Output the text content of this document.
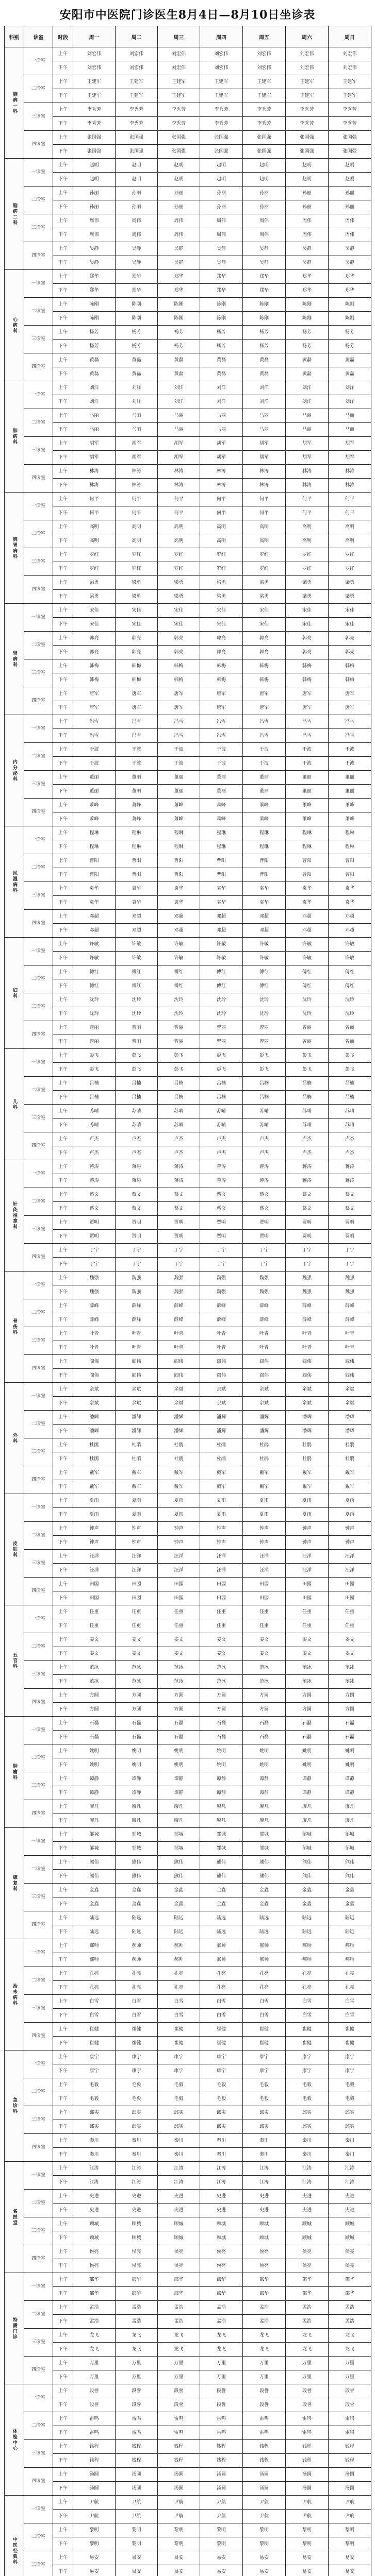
安阳市中医院门诊医生8月4日—8月10日坐诊表
科别	诊室	时段	周一	周二	周三	周四	周五	周六	周日
脑病一科	一诊室	上午	刘宏伟	刘宏伟	刘宏伟	刘宏伟	刘宏伟	刘宏伟	刘宏伟
		下午	刘宏伟	刘宏伟	刘宏伟	刘宏伟	刘宏伟	刘宏伟	刘宏伟
	二诊室	上午	王建军	王建军	王建军	王建军	王建军	王建军	王建军
		下午	王建军	王建军	王建军	王建军	王建军	王建军	王建军
	三诊室	上午	李秀芳	李秀芳	李秀芳	李秀芳	李秀芳	李秀芳	李秀芳
		下午	李秀芳	李秀芳	李秀芳	李秀芳	李秀芳	李秀芳	李秀芳
	四诊室	上午	张国强	张国强	张国强	张国强	张国强	张国强	张国强
		下午	张国强	张国强	张国强	张国强	张国强	张国强	张国强
脑病二科	一诊室	上午	赵明	赵明	赵明	赵明	赵明	赵明	赵明
		下午	赵明	赵明	赵明	赵明	赵明	赵明	赵明
	二诊室	上午	孙丽	孙丽	孙丽	孙丽	孙丽	孙丽	孙丽
		下午	孙丽	孙丽	孙丽	孙丽	孙丽	孙丽	孙丽
	三诊室	上午	周伟	周伟	周伟	周伟	周伟	周伟	周伟
		下午	周伟	周伟	周伟	周伟	周伟	周伟	周伟
	四诊室	上午	吴静	吴静	吴静	吴静	吴静	吴静	吴静
		下午	吴静	吴静	吴静	吴静	吴静	吴静	吴静
心病科	一诊室	上午	郑华	郑华	郑华	郑华	郑华	郑华	郑华
		下午	郑华	郑华	郑华	郑华	郑华	郑华	郑华
	二诊室	上午	陈刚	陈刚	陈刚	陈刚	陈刚	陈刚	陈刚
		下午	陈刚	陈刚	陈刚	陈刚	陈刚	陈刚	陈刚
	三诊室	上午	杨芳	杨芳	杨芳	杨芳	杨芳	杨芳	杨芳
		下午	杨芳	杨芳	杨芳	杨芳	杨芳	杨芳	杨芳
	四诊室	上午	黄磊	黄磊	黄磊	黄磊	黄磊	黄磊	黄磊
		下午	黄磊	黄磊	黄磊	黄磊	黄磊	黄磊	黄磊
肺病科	一诊室	上午	刘洋	刘洋	刘洋	刘洋	刘洋	刘洋	刘洋
		下午	刘洋	刘洋	刘洋	刘洋	刘洋	刘洋	刘洋
	二诊室	上午	马丽	马丽	马丽	马丽	马丽	马丽	马丽
		下午	马丽	马丽	马丽	马丽	马丽	马丽	马丽
	三诊室	上午	胡军	胡军	胡军	胡军	胡军	胡军	胡军
		下午	胡军	胡军	胡军	胡军	胡军	胡军	胡军
	四诊室	上午	林涛	林涛	林涛	林涛	林涛	林涛	林涛
		下午	林涛	林涛	林涛	林涛	林涛	林涛	林涛
脾胃病科	一诊室	上午	何平	何平	何平	何平	何平	何平	何平
		下午	何平	何平	何平	何平	何平	何平	何平
	二诊室	上午	高明	高明	高明	高明	高明	高明	高明
		下午	高明	高明	高明	高明	高明	高明	高明
	三诊室	上午	罗红	罗红	罗红	罗红	罗红	罗红	罗红
		下午	罗红	罗红	罗红	罗红	罗红	罗红	罗红
	四诊室	上午	梁勇	梁勇	梁勇	梁勇	梁勇	梁勇	梁勇
		下午	梁勇	梁勇	梁勇	梁勇	梁勇	梁勇	梁勇
肾病科	一诊室	上午	宋佳	宋佳	宋佳	宋佳	宋佳	宋佳	宋佳
		下午	宋佳	宋佳	宋佳	宋佳	宋佳	宋佳	宋佳
	二诊室	上午	郭亮	郭亮	郭亮	郭亮	郭亮	郭亮	郭亮
		下午	郭亮	郭亮	郭亮	郭亮	郭亮	郭亮	郭亮
	三诊室	上午	韩梅	韩梅	韩梅	韩梅	韩梅	韩梅	韩梅
		下午	韩梅	韩梅	韩梅	韩梅	韩梅	韩梅	韩梅
	四诊室	上午	唐军	唐军	唐军	唐军	唐军	唐军	唐军
		下午	唐军	唐军	唐军	唐军	唐军	唐军	唐军
内分泌科	一诊室	上午	冯雪	冯雪	冯雪	冯雪	冯雪	冯雪	冯雪
		下午	冯雪	冯雪	冯雪	冯雪	冯雪	冯雪	冯雪
	二诊室	上午	于波	于波	于波	于波	于波	于波	于波
		下午	于波	于波	于波	于波	于波	于波	于波
	三诊室	上午	董丽	董丽	董丽	董丽	董丽	董丽	董丽
		下午	董丽	董丽	董丽	董丽	董丽	董丽	董丽
	四诊室	上午	萧峰	萧峰	萧峰	萧峰	萧峰	萧峰	萧峰
		下午	萧峰	萧峰	萧峰	萧峰	萧峰	萧峰	萧峰
风湿病科	一诊室	上午	程琳	程琳	程琳	程琳	程琳	程琳	程琳
		下午	程琳	程琳	程琳	程琳	程琳	程琳	程琳
	二诊室	上午	曹阳	曹阳	曹阳	曹阳	曹阳	曹阳	曹阳
		下午	曹阳	曹阳	曹阳	曹阳	曹阳	曹阳	曹阳
	三诊室	上午	袁华	袁华	袁华	袁华	袁华	袁华	袁华
		下午	袁华	袁华	袁华	袁华	袁华	袁华	袁华
	四诊室	上午	邓超	邓超	邓超	邓超	邓超	邓超	邓超
		下午	邓超	邓超	邓超	邓超	邓超	邓超	邓超
妇科	一诊室	上午	许敏	许敏	许敏	许敏	许敏	许敏	许敏
		下午	许敏	许敏	许敏	许敏	许敏	许敏	许敏
	二诊室	上午	傅红	傅红	傅红	傅红	傅红	傅红	傅红
		下午	傅红	傅红	傅红	傅红	傅红	傅红	傅红
	三诊室	上午	沈玲	沈玲	沈玲	沈玲	沈玲	沈玲	沈玲
		下午	沈玲	沈玲	沈玲	沈玲	沈玲	沈玲	沈玲
	四诊室	上午	曾丽	曾丽	曾丽	曾丽	曾丽	曾丽	曾丽
		下午	曾丽	曾丽	曾丽	曾丽	曾丽	曾丽	曾丽
儿科	一诊室	上午	彭飞	彭飞	彭飞	彭飞	彭飞	彭飞	彭飞
		下午	彭飞	彭飞	彭飞	彭飞	彭飞	彭飞	彭飞
	二诊室	上午	吕楠	吕楠	吕楠	吕楠	吕楠	吕楠	吕楠
		下午	吕楠	吕楠	吕楠	吕楠	吕楠	吕楠	吕楠
	三诊室	上午	苏晴	苏晴	苏晴	苏晴	苏晴	苏晴	苏晴
		下午	苏晴	苏晴	苏晴	苏晴	苏晴	苏晴	苏晴
	四诊室	上午	卢杰	卢杰	卢杰	卢杰	卢杰	卢杰	卢杰
		下午	卢杰	卢杰	卢杰	卢杰	卢杰	卢杰	卢杰
针灸推拿科	一诊室	上午	蒋涛	蒋涛	蒋涛	蒋涛	蒋涛	蒋涛	蒋涛
		下午	蒋涛	蒋涛	蒋涛	蒋涛	蒋涛	蒋涛	蒋涛
	二诊室	上午	蔡文	蔡文	蔡文	蔡文	蔡文	蔡文	蔡文
		下午	蔡文	蔡文	蔡文	蔡文	蔡文	蔡文	蔡文
	三诊室	上午	贾明	贾明	贾明	贾明	贾明	贾明	贾明
		下午	贾明	贾明	贾明	贾明	贾明	贾明	贾明
	四诊室	上午	丁宁	丁宁	丁宁	丁宁	丁宁	丁宁	丁宁
		下午	丁宁	丁宁	丁宁	丁宁	丁宁	丁宁	丁宁
骨伤科	一诊室	上午	魏强	魏强	魏强	魏强	魏强	魏强	魏强
		下午	魏强	魏强	魏强	魏强	魏强	魏强	魏强
	二诊室	上午	薛峰	薛峰	薛峰	薛峰	薛峰	薛峰	薛峰
		下午	薛峰	薛峰	薛峰	薛峰	薛峰	薛峰	薛峰
	三诊室	上午	叶青	叶青	叶青	叶青	叶青	叶青	叶青
		下午	叶青	叶青	叶青	叶青	叶青	叶青	叶青
	四诊室	上午	阎伟	阎伟	阎伟	阎伟	阎伟	阎伟	阎伟
		下午	阎伟	阎伟	阎伟	阎伟	阎伟	阎伟	阎伟
外科	一诊室	上午	余斌	余斌	余斌	余斌	余斌	余斌	余斌
		下午	余斌	余斌	余斌	余斌	余斌	余斌	余斌
	二诊室	上午	潘辉	潘辉	潘辉	潘辉	潘辉	潘辉	潘辉
		下午	潘辉	潘辉	潘辉	潘辉	潘辉	潘辉	潘辉
	三诊室	上午	杜鹃	杜鹃	杜鹃	杜鹃	杜鹃	杜鹃	杜鹃
		下午	杜鹃	杜鹃	杜鹃	杜鹃	杜鹃	杜鹃	杜鹃
	四诊室	上午	戴军	戴军	戴军	戴军	戴军	戴军	戴军
		下午	戴军	戴军	戴军	戴军	戴军	戴军	戴军
皮肤科	一诊室	上午	夏雨	夏雨	夏雨	夏雨	夏雨	夏雨	夏雨
		下午	夏雨	夏雨	夏雨	夏雨	夏雨	夏雨	夏雨
	二诊室	上午	钟声	钟声	钟声	钟声	钟声	钟声	钟声
		下午	钟声	钟声	钟声	钟声	钟声	钟声	钟声
	三诊室	上午	汪洋	汪洋	汪洋	汪洋	汪洋	汪洋	汪洋
		下午	汪洋	汪洋	汪洋	汪洋	汪洋	汪洋	汪洋
	四诊室	上午	田园	田园	田园	田园	田园	田园	田园
		下午	田园	田园	田园	田园	田园	田园	田园
五官科	一诊室	上午	任重	任重	任重	任重	任重	任重	任重
		下午	任重	任重	任重	任重	任重	任重	任重
	二诊室	上午	姜文	姜文	姜文	姜文	姜文	姜文	姜文
		下午	姜文	姜文	姜文	姜文	姜文	姜文	姜文
	三诊室	上午	范冰	范冰	范冰	范冰	范冰	范冰	范冰
		下午	范冰	范冰	范冰	范冰	范冰	范冰	范冰
	四诊室	上午	方圆	方圆	方圆	方圆	方圆	方圆	方圆
		下午	方圆	方圆	方圆	方圆	方圆	方圆	方圆
肿瘤科	一诊室	上午	石磊	石磊	石磊	石磊	石磊	石磊	石磊
		下午	石磊	石磊	石磊	石磊	石磊	石磊	石磊
	二诊室	上午	姚明	姚明	姚明	姚明	姚明	姚明	姚明
		下午	姚明	姚明	姚明	姚明	姚明	姚明	姚明
	三诊室	上午	谭静	谭静	谭静	谭静	谭静	谭静	谭静
		下午	谭静	谭静	谭静	谭静	谭静	谭静	谭静
	四诊室	上午	廖凡	廖凡	廖凡	廖凡	廖凡	廖凡	廖凡
		下午	廖凡	廖凡	廖凡	廖凡	廖凡	廖凡	廖凡
康复科	一诊室	上午	邹城	邹城	邹城	邹城	邹城	邹城	邹城
		下午	邹城	邹城	邹城	邹城	邹城	邹城	邹城
	二诊室	上午	熊伟	熊伟	熊伟	熊伟	熊伟	熊伟	熊伟
		下午	熊伟	熊伟	熊伟	熊伟	熊伟	熊伟	熊伟
	三诊室	上午	金鑫	金鑫	金鑫	金鑫	金鑫	金鑫	金鑫
		下午	金鑫	金鑫	金鑫	金鑫	金鑫	金鑫	金鑫
	四诊室	上午	陆远	陆远	陆远	陆远	陆远	陆远	陆远
		下午	陆远	陆远	陆远	陆远	陆远	陆远	陆远
治未病科	一诊室	上午	郝帅	郝帅	郝帅	郝帅	郝帅	郝帅	郝帅
		下午	郝帅	郝帅	郝帅	郝帅	郝帅	郝帅	郝帅
	二诊室	上午	孔亮	孔亮	孔亮	孔亮	孔亮	孔亮	孔亮
		下午	孔亮	孔亮	孔亮	孔亮	孔亮	孔亮	孔亮
	三诊室	上午	白雪	白雪	白雪	白雪	白雪	白雪	白雪
		下午	白雪	白雪	白雪	白雪	白雪	白雪	白雪
	四诊室	上午	崔健	崔健	崔健	崔健	崔健	崔健	崔健
		下午	崔健	崔健	崔健	崔健	崔健	崔健	崔健
急诊科	一诊室	上午	康宁	康宁	康宁	康宁	康宁	康宁	康宁
		下午	康宁	康宁	康宁	康宁	康宁	康宁	康宁
	二诊室	上午	毛毅	毛毅	毛毅	毛毅	毛毅	毛毅	毛毅
		下午	毛毅	毛毅	毛毅	毛毅	毛毅	毛毅	毛毅
	三诊室	上午	邱实	邱实	邱实	邱实	邱实	邱实	邱实
		下午	邱实	邱实	邱实	邱实	邱实	邱实	邱实
	四诊室	上午	秦川	秦川	秦川	秦川	秦川	秦川	秦川
		下午	秦川	秦川	秦川	秦川	秦川	秦川	秦川
名医堂	一诊室	上午	江涛	江涛	江涛	江涛	江涛	江涛	江涛
		下午	江涛	江涛	江涛	江涛	江涛	江涛	江涛
	二诊室	上午	史进	史进	史进	史进	史进	史进	史进
		下午	史进	史进	史进	史进	史进	史进	史进
	三诊室	上午	顾城	顾城	顾城	顾城	顾城	顾城	顾城
		下午	顾城	顾城	顾城	顾城	顾城	顾城	顾城
	四诊室	上午	侯亮	侯亮	侯亮	侯亮	侯亮	侯亮	侯亮
		下午	侯亮	侯亮	侯亮	侯亮	侯亮	侯亮	侯亮
特需门诊	一诊室	上午	邵华	邵华	邵华	邵华	邵华	邵华	邵华
		下午	邵华	邵华	邵华	邵华	邵华	邵华	邵华
	二诊室	上午	孟浩	孟浩	孟浩	孟浩	孟浩	孟浩	孟浩
		下午	孟浩	孟浩	孟浩	孟浩	孟浩	孟浩	孟浩
	三诊室	上午	龙飞	龙飞	龙飞	龙飞	龙飞	龙飞	龙飞
		下午	龙飞	龙飞	龙飞	龙飞	龙飞	龙飞	龙飞
	四诊室	上午	万里	万里	万里	万里	万里	万里	万里
		下午	万里	万里	万里	万里	万里	万里	万里
体检中心	一诊室	上午	段誉	段誉	段誉	段誉	段誉	段誉	段誉
		下午	段誉	段誉	段誉	段誉	段誉	段誉	段誉
	二诊室	上午	雷鸣	雷鸣	雷鸣	雷鸣	雷鸣	雷鸣	雷鸣
		下午	雷鸣	雷鸣	雷鸣	雷鸣	雷鸣	雷鸣	雷鸣
	三诊室	上午	钱程	钱程	钱程	钱程	钱程	钱程	钱程
		下午	钱程	钱程	钱程	钱程	钱程	钱程	钱程
	四诊室	上午	汤圆	汤圆	汤圆	汤圆	汤圆	汤圆	汤圆
		下午	汤圆	汤圆	汤圆	汤圆	汤圆	汤圆	汤圆
中医经典科	一诊室	上午	尹航	尹航	尹航	尹航	尹航	尹航	尹航
		下午	尹航	尹航	尹航	尹航	尹航	尹航	尹航
	二诊室	上午	黎明	黎明	黎明	黎明	黎明	黎明	黎明
		下午	黎明	黎明	黎明	黎明	黎明	黎明	黎明
	三诊室	上午	易安	易安	易安	易安	易安	易安	易安
		下午	易安	易安	易安	易安	易安	易安	易安
